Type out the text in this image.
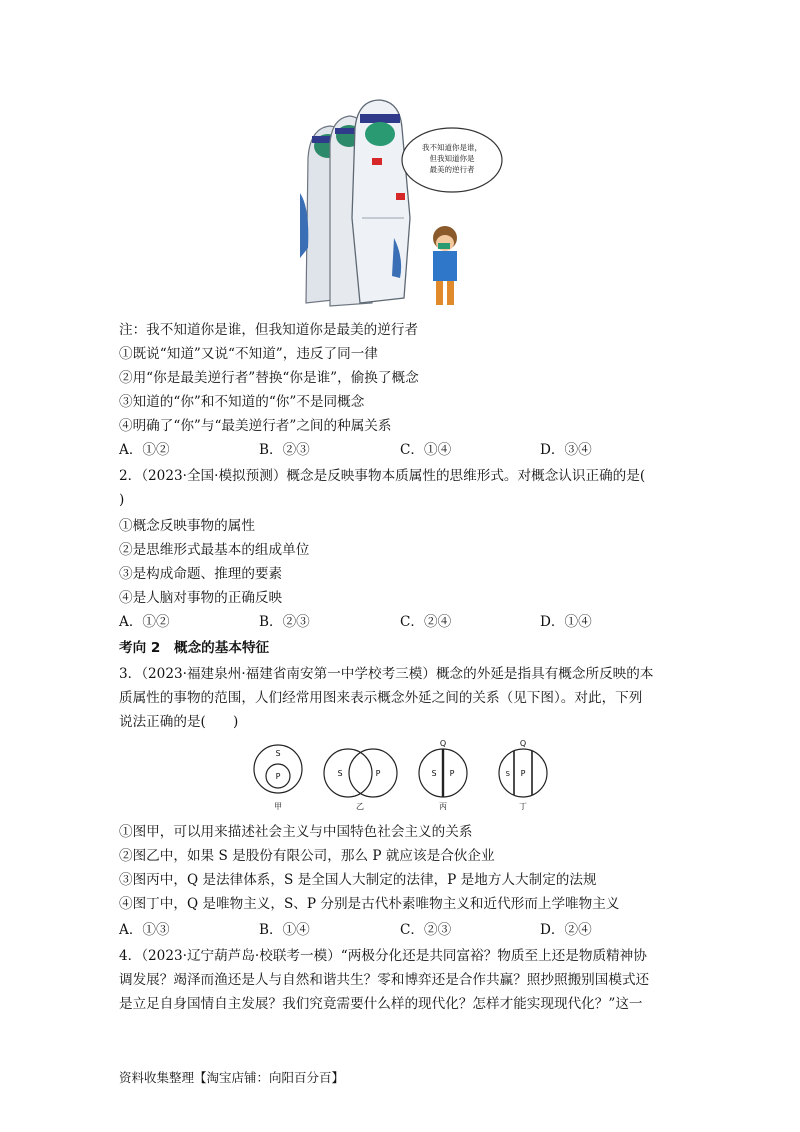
我不知道你是谁，
但我知道你是
最美的逆行者
注：我不知道你是谁，但我知道你是最美的逆行者
①既说“知道”又说“不知道”，违反了同一律
②用“你是最美逆行者”替换“你是谁”，偷换了概念
③知道的“你”和不知道的“你”不是同概念
④明确了“你”与“最美逆行者”之间的种属关系
A．①②	B．②③	C．①④	D．③④
2．（2023·全国·模拟预测）概念是反映事物本质属性的思维形式。对概念认识正确的是(
)
①概念反映事物的属性
②是思维形式最基本的组成单位
③是构成命题、推理的要素
④是人脑对事物的正确反映
A．①②	B．②③	C．②④	D．①④
考向 2　概念的基本特征
3．（2023·福建泉州·福建省南安第一中学校考三模）概念的外延是指具有概念所反映的本
质属性的事物的范围，人们经常用图来表示概念外延之间的关系（见下图）。对此，下列
说法正确的是(　　)
S
P
甲
S	P
乙
Q
S P
丙
Q
S P
丁
①图甲，可以用来描述社会主义与中国特色社会主义的关系
②图乙中，如果 S 是股份有限公司，那么 P 就应该是合伙企业
③图丙中，Q 是法律体系，S 是全国人大制定的法律，P 是地方人大制定的法规
④图丁中，Q 是唯物主义，S、P 分别是古代朴素唯物主义和近代形而上学唯物主义
A．①③	B．①④	C．②③	D．②④
4．（2023·辽宁葫芦岛·校联考一模）“两极分化还是共同富裕？物质至上还是物质精神协
调发展？竭泽而渔还是人与自然和谐共生？零和博弈还是合作共赢？照抄照搬别国模式还
是立足自身国情自主发展？我们究竟需要什么样的现代化？怎样才能实现现代化？”这一
资料收集整理【淘宝店铺：向阳百分百】
